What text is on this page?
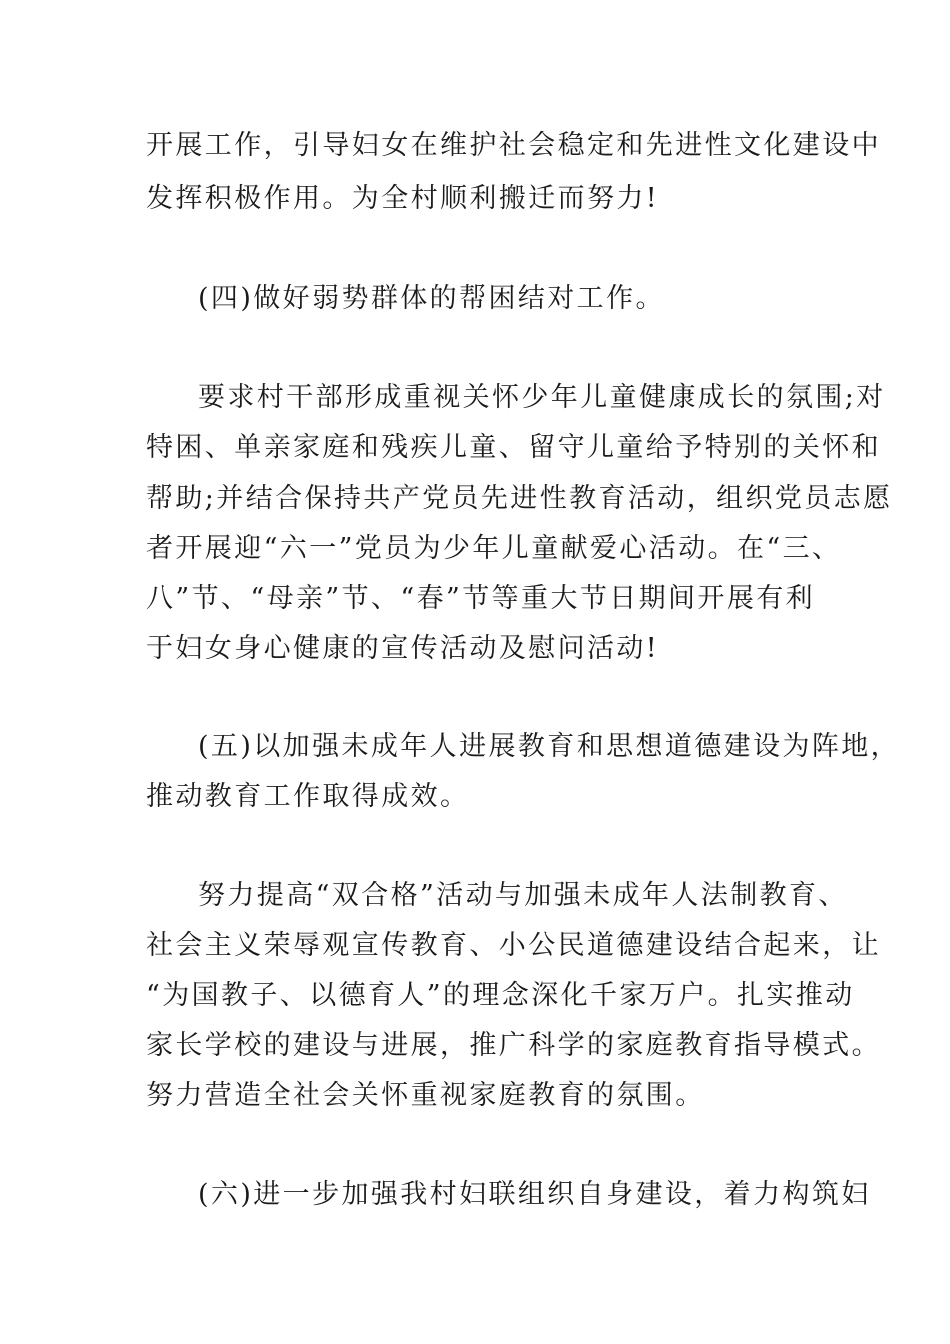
开展工作，引导妇女在维护社会稳定和先进性文化建设中
发挥积极作用。为全村顺利搬迁而努力!
(四)做好弱势群体的帮困结对工作。
要求村干部形成重视关怀少年儿童健康成长的氛围;对
特困、单亲家庭和残疾儿童、留守儿童给予特别的关怀和
帮助;并结合保持共产党员先进性教育活动，组织党员志愿
者开展迎“六一”党员为少年儿童献爱心活动。在“三、
八”节、“母亲”节、“春”节等重大节日期间开展有利
于妇女身心健康的宣传活动及慰问活动!
(五)以加强未成年人进展教育和思想道德建设为阵地，
推动教育工作取得成效。
努力提高“双合格”活动与加强未成年人法制教育、
社会主义荣辱观宣传教育、小公民道德建设结合起来，让
“为国教子、以德育人”的理念深化千家万户。扎实推动
家长学校的建设与进展，推广科学的家庭教育指导模式。
努力营造全社会关怀重视家庭教育的氛围。
(六)进一步加强我村妇联组织自身建设，着力构筑妇
